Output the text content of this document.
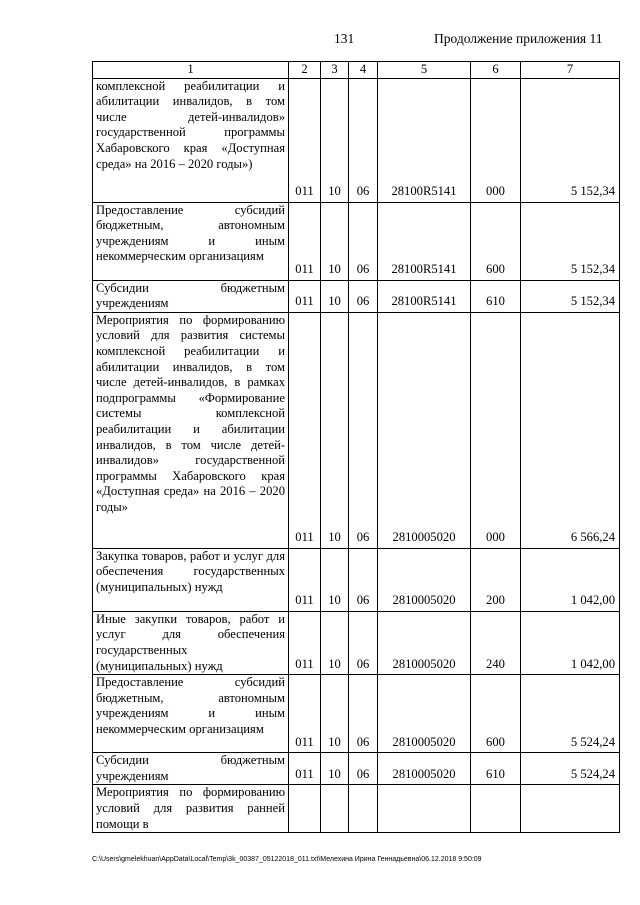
131	Продолжение приложения 11
1	2	3	4	5	6	7
комплексной реабилитации и абилитации инвалидов, в том числе детей-инвалидов» государственной программы Хабаровского края «Доступная среда» на 2016 – 2020 годы»)	011	10	06	28100R5141	000	5 152,34
Предоставление субсидий бюджетным, автономным учреждениям и иным некоммерческим организациям	011	10	06	28100R5141	600	5 152,34
Субсидии бюджетным учреждениям	011	10	06	28100R5141	610	5 152,34
Мероприятия по формированию условий для развития системы комплексной реабилитации и абилитации инвалидов, в том числе детей-инвалидов, в рамках подпрограммы «Формирование системы комплексной реабилитации и абилитации инвалидов, в том числе детей-инвалидов» государственной программы Хабаровского края «Доступная среда» на 2016 – 2020 годы»	011	10	06	2810005020	000	6 566,24
Закупка товаров, работ и услуг для обеспечения государственных (муниципальных) нужд	011	10	06	2810005020	200	1 042,00
Иные закупки товаров, работ и услуг для обеспечения государственных (муниципальных) нужд	011	10	06	2810005020	240	1 042,00
Предоставление субсидий бюджетным, автономным учреждениям и иным некоммерческим организациям	011	10	06	2810005020	600	5 524,24
Субсидии бюджетным учреждениям	011	10	06	2810005020	610	5 524,24
Мероприятия по формированию условий для развития ранней помощи в						
C:\Users\gmelekhuan\AppData\Local\Temp\3k_00387_05122018_011.txt\Мелехина Ирина Геннадьевна\06.12.2018 9:50:09
